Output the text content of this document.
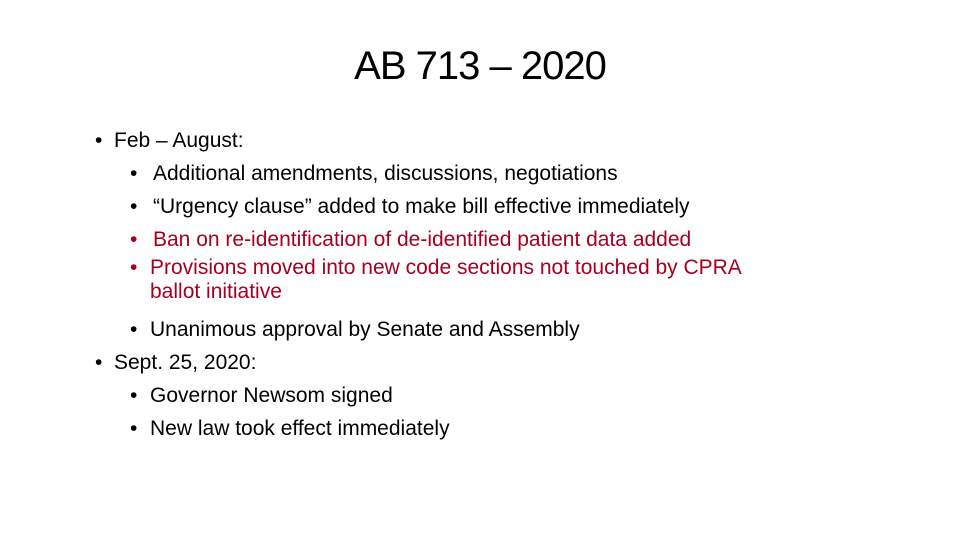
AB 713 – 2020
• Feb – August:
• Additional amendments, discussions, negotiations
• “Urgency clause” added to make bill effective immediately
• Ban on re-identification of de-identified patient data added
• Provisions moved into new code sections not touched by CPRA
ballot initiative
• Unanimous approval by Senate and Assembly
• Sept. 25, 2020:
• Governor Newsom signed
• New law took effect immediately
